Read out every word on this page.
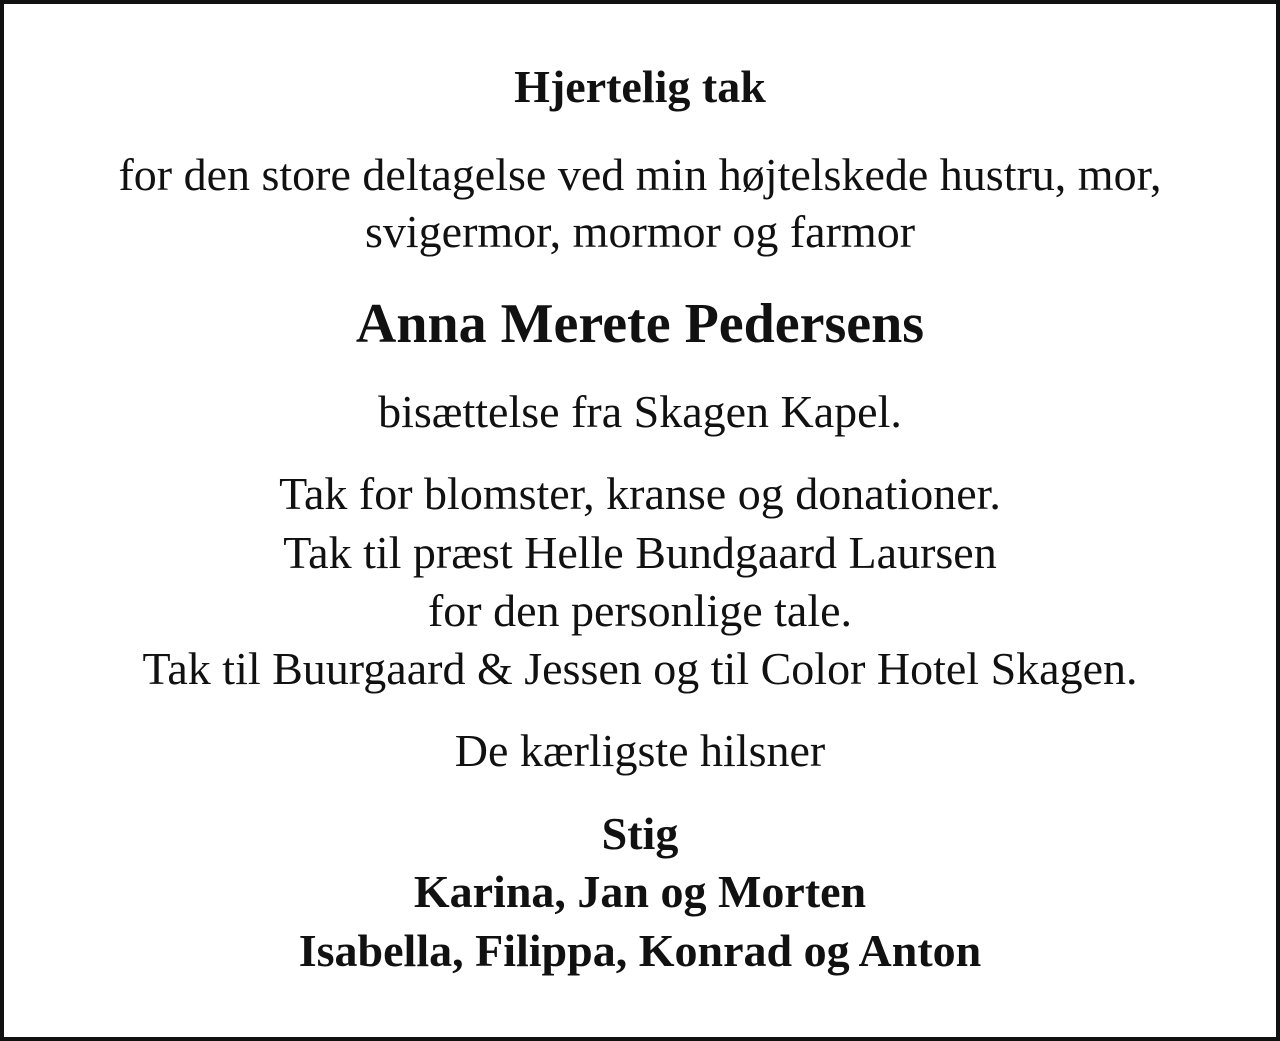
Hjertelig tak
for den store deltagelse ved min højtelskede hustru, mor,
svigermor, mormor og farmor
Anna Merete Pedersens
bisættelse fra Skagen Kapel.
Tak for blomster, kranse og donationer.
Tak til præst Helle Bundgaard Laursen
for den personlige tale.
Tak til Buurgaard & Jessen og til Color Hotel Skagen.
De kærligste hilsner
Stig
Karina, Jan og Morten
Isabella, Filippa, Konrad og Anton
